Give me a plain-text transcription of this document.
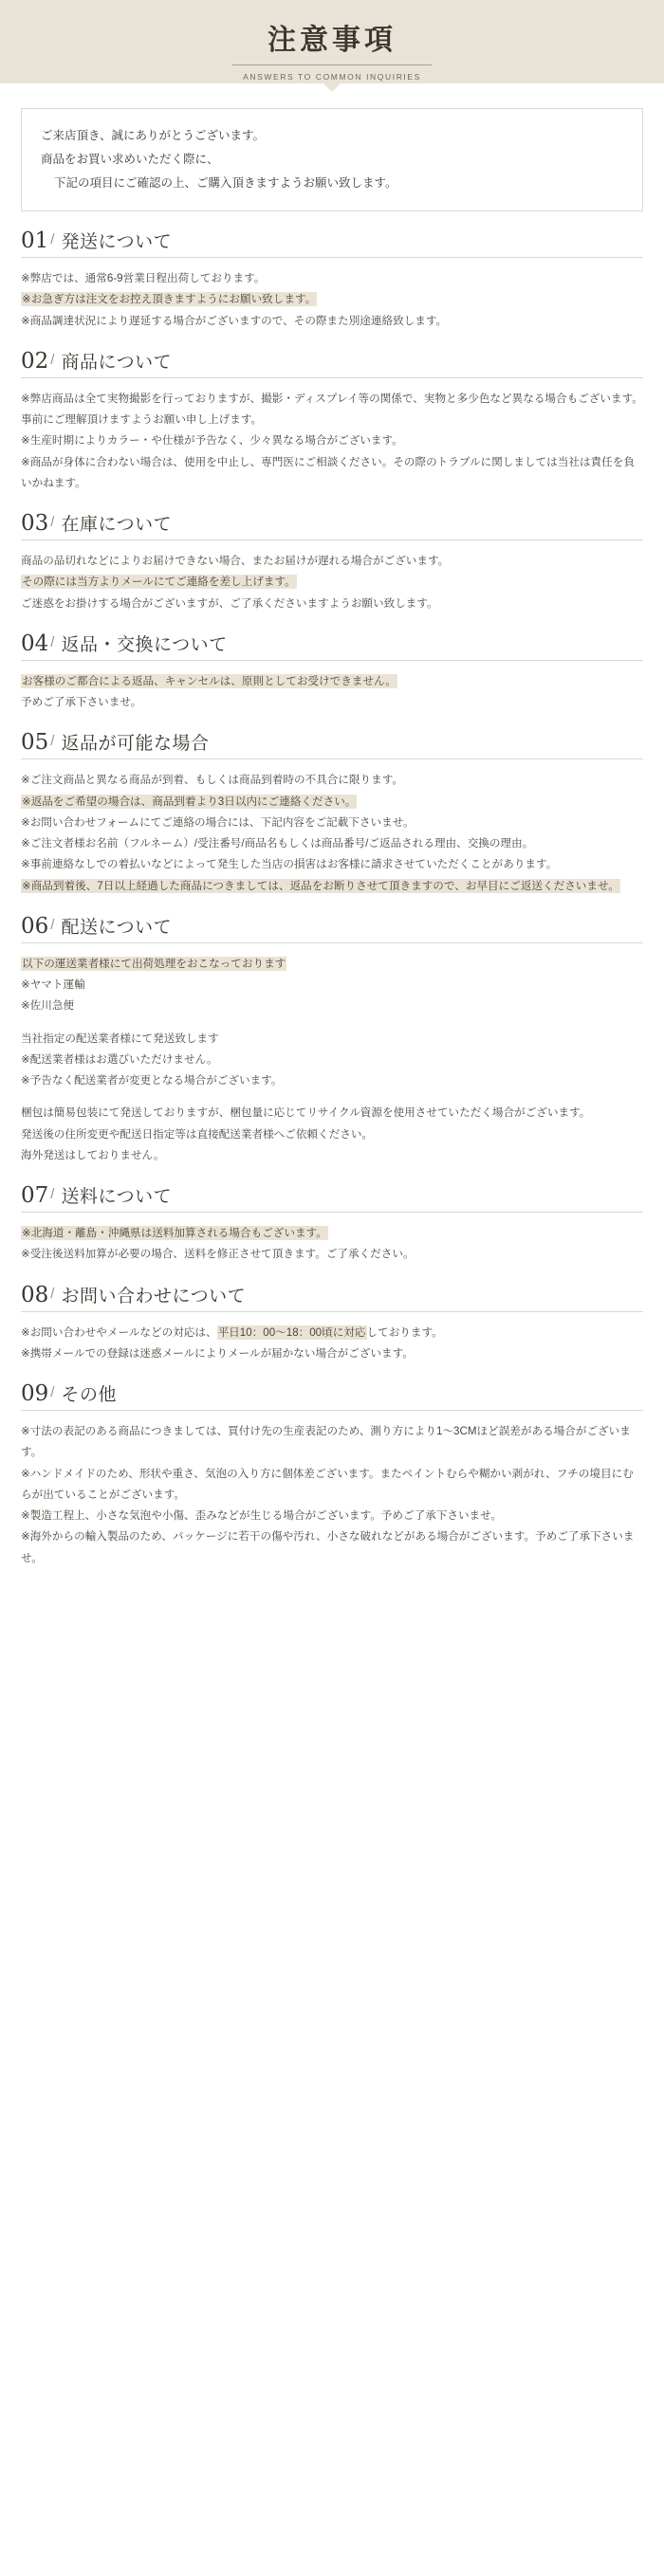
注意事項
ANSWERS TO COMMON INQUIRIES
ご来店頂き、誠にありがとうございます。
商品をお買い求めいただく際に、
下記の項目にご確認の上、ご購入頂きますようお願い致します。
01 / 発送について

※弊店では、通常6-9営業日程出荷しております。

※お急ぎ方は注文をお控え頂きますようにお願い致します。

※商品調達状況により遅延する場合がございますので、その際また別途連絡致します。

02 / 商品について

※弊店商品は全て実物撮影を行っておりますが、撮影・ディスプレイ等の関係で、実物と多少色など異なる場合もございます。事前にご理解頂けますようお願い申し上げます。

※生産时期によりカラー・や仕様が予告なく、少々異なる場合がございます。

※商品が身体に合わない場合は、使用を中止し、専門医にご相談ください。その際のトラブルに関しましては当社は責任を負いかねます。

03 / 在庫について

商品の品切れなどによりお届けできない場合、またお届けが遅れる場合がございます。

その際には当方よりメールにてご連絡を差し上げます。

ご迷惑をお掛けする場合がございますが、ご了承くださいますようお願い致します。

04 / 返品・交換について

お客様のご都合による返品、キャンセルは、原則としてお受けできません。

予めご了承下さいませ。

05 / 返品が可能な場合

※ご注文商品と異なる商品が到着、もしくは商品到着時の不具合に限ります。

※返品をご希望の場合は、商品到着より3日以内にご連絡ください。

※お問い合わせフォームにてご連絡の場合には、下記内容をご記載下さいませ。

※ご注文者様お名前（フルネーム）/受注番号/商品名もしくは商品番号/ご返品される理由、交換の理由。

※事前連絡なしでの着払いなどによって発生した当店の損害はお客様に請求させていただくことがあります。

※商品到着後、7日以上経過した商品につきましては、返品をお断りさせて頂きますので、お早目にご返送くださいませ。

06 / 配送について

以下の運送業者様にて出荷処理をおこなっております

※ヤマト運輸

※佐川急便

当社指定の配送業者様にて発送致します

※配送業者様はお選びいただけません。

※予告なく配送業者が変更となる場合がございます。

梱包は簡易包装にて発送しておりますが、梱包量に応じてリサイクル資源を使用させていただく場合がございます。

発送後の住所変更や配送日指定等は直接配送業者様へご依頼ください。

海外発送はしておりません。

07 / 送料について

※北海道・離島・沖縄県は送料加算される場合もございます。

※受注後送料加算が必要の場合、送料を修正させて頂きます。ご了承ください。

08 / お問い合わせについて

※お問い合わせやメールなどの対応は、平日10：00～18：00頃に対応しております。

※携帯メールでの登録は迷惑メールによりメールが届かない場合がございます。

09 / その他

※寸法の表記のある商品につきましては、買付け先の生産表記のため、測り方により1～3CMほど誤差がある場合がございます。

※ハンドメイドのため、形状や重さ、気泡の入り方に個体差ございます。またペイントむらや糊かい剥がれ、フチの境目にむらが出ていることがございます。

※製造工程上、小さな気泡や小傷、歪みなどが生じる場合がございます。予めご了承下さいませ。

※海外からの輸入製品のため、パッケージに若干の傷や汚れ、小さな破れなどがある場合がございます。予めご了承下さいませ。
